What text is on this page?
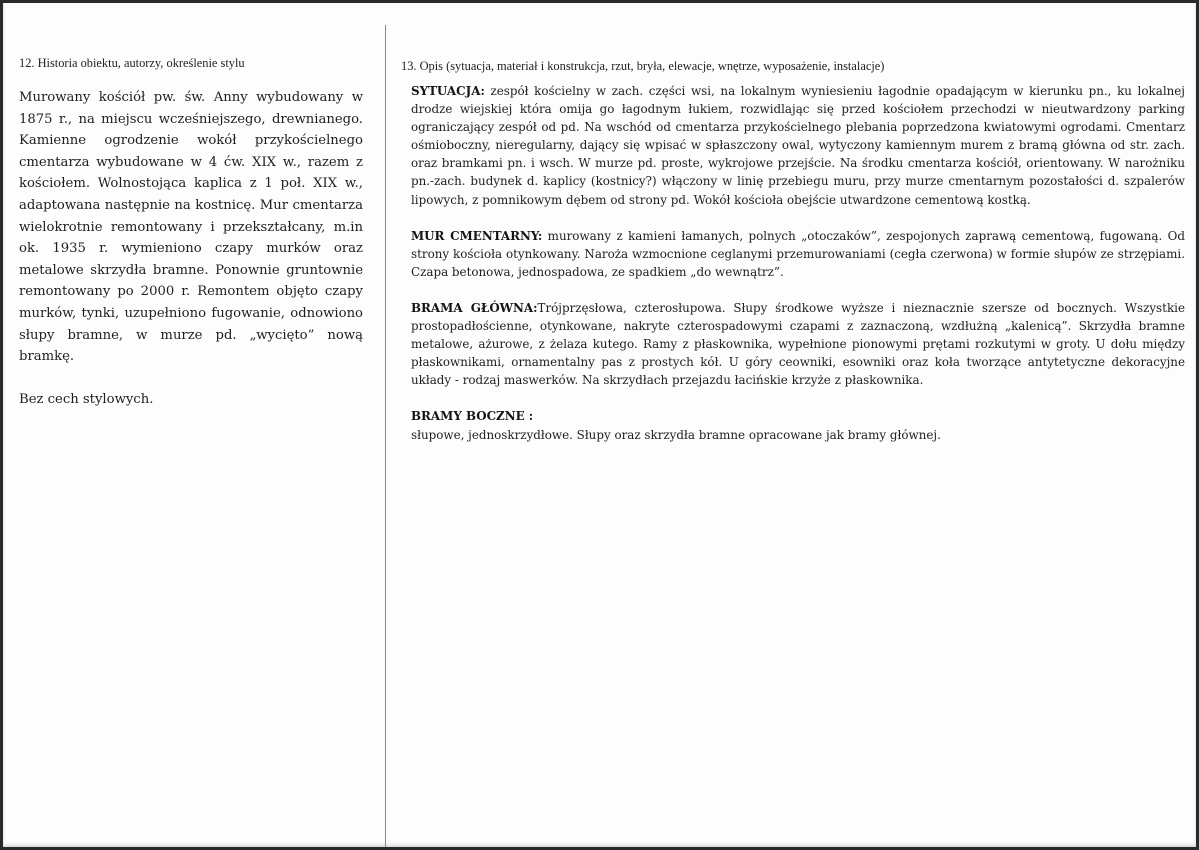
12. Historia obiektu, autorzy, określenie stylu

Murowany kościół pw. św. Anny wybudowany w 1875 r., na miejscu wcześniejszego, drewnianego. Kamienne ogrodzenie wokół przykościelnego cmentarza wybudowane w 4 ćw. XIX w., razem z kościołem. Wolnostojąca kaplica z 1 poł. XIX w., adaptowana następnie na kostnicę. Mur cmentarza wielokrotnie remontowany i przekształcany, m.in ok. 1935 r. wymieniono czapy murków oraz metalowe skrzydła bramne. Ponownie gruntownie remontowany po 2000 r. Remontem objęto czapy murków, tynki, uzupełniono fugowanie, odnowiono słupy bramne, w murze pd. „wycięto” nową bramkę.

Bez cech stylowych.

13. Opis (sytuacja, materiał i konstrukcja, rzut, bryła, elewacje, wnętrze, wyposażenie, instalacje)

SYTUACJA: zespół kościelny w zach. części wsi, na lokalnym wyniesieniu łagodnie opadającym w kierunku pn., ku lokalnej drodze wiejskiej która omija go łagodnym łukiem, rozwidlając się przed kościołem przechodzi w nieutwardzony parking ograniczający zespół od pd. Na wschód od cmentarza przykościelnego plebania poprzedzona kwiatowymi ogrodami. Cmentarz ośmioboczny, nieregularny, dający się wpisać w spłaszczony owal, wytyczony kamiennym murem z bramą główna od str. zach. oraz bramkami pn. i wsch. W murze pd. proste, wykrojowe przejście. Na środku cmentarza kościół, orientowany. W narożniku pn.-zach. budynek d. kaplicy (kostnicy?) włączony w linię przebiegu muru, przy murze cmentarnym pozostałości d. szpalerów lipowych, z pomnikowym dębem od strony pd. Wokół kościoła obejście utwardzone cementową kostką.

MUR CMENTARNY: murowany z kamieni łamanych, polnych „otoczaków”, zespojonych zaprawą cementową, fugowaną. Od strony kościoła otynkowany. Naroża wzmocnione ceglanymi przemurowaniami (cegła czerwona) w formie słupów ze strzępiami. Czapa betonowa, jednospadowa, ze spadkiem „do wewnątrz”.

BRAMA GŁÓWNA:Trójprzęsłowa, czterosłupowa. Słupy środkowe wyższe i nieznacznie szersze od bocznych. Wszystkie prostopadłościenne, otynkowane, nakryte czterospadowymi czapami z zaznaczoną, wzdłużną „kalenicą”. Skrzydła bramne metalowe, ażurowe, z żelaza kutego. Ramy z płaskownika, wypełnione pionowymi prętami rozkutymi w groty. U dołu między płaskownikami, ornamentalny pas z prostych kół. U góry ceowniki, esowniki oraz koła tworzące antytetyczne dekoracyjne układy - rodzaj maswerków. Na skrzydłach przejazdu łacińskie krzyże z płaskownika.

BRAMY BOCZNE :
słupowe, jednoskrzydłowe. Słupy oraz skrzydła bramne opracowane jak bramy głównej.
